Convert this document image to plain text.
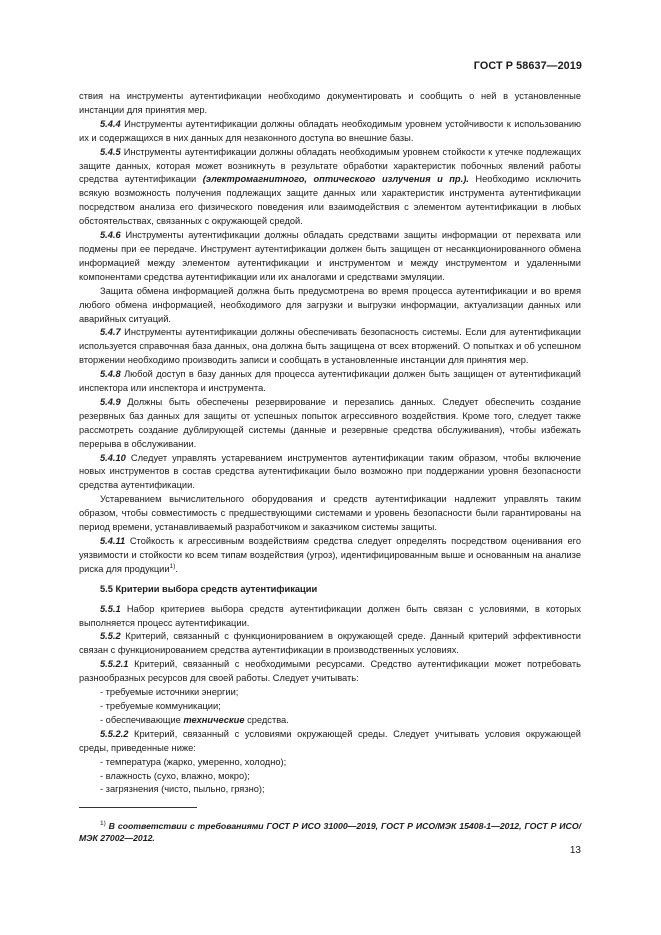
ГОСТ Р 58637—2019

ствия на инструменты аутентификации необходимо документировать и сообщить о ней в установленные инстанции для принятия мер.

5.4.4 Инструменты аутентификации должны обладать необходимым уровнем устойчивости к использованию их и содержащихся в них данных для незаконного доступа во внешние базы.

5.4.5 Инструменты аутентификации должны обладать необходимым уровнем стойкости к утечке подлежащих защите данных, которая может возникнуть в результате обработки характеристик побочных явлений работы средства аутентификации (электромагнитного, оптического излучения и пр.). Необходимо исключить всякую возможность получения подлежащих защите данных или характеристик инструмента аутентификации посредством анализа его физического поведения или взаимодействия с элементом аутентификации в любых обстоятельствах, связанных с окружающей средой.

5.4.6 Инструменты аутентификации должны обладать средствами защиты информации от перехвата или подмены при ее передаче. Инструмент аутентификации должен быть защищен от несанкционированного обмена информацией между элементом аутентификации и инструментом и между инструментом и удаленными компонентами средства аутентификации или их аналогами и средствами эмуляции.

Защита обмена информацией должна быть предусмотрена во время процесса аутентификации и во время любого обмена информацией, необходимого для загрузки и выгрузки информации, актуализации данных или аварийных ситуаций.

5.4.7 Инструменты аутентификации должны обеспечивать безопасность системы. Если для аутентификации используется справочная база данных, она должна быть защищена от всех вторжений. О попытках и об успешном вторжении необходимо производить записи и сообщать в установленные инстанции для принятия мер.

5.4.8 Любой доступ в базу данных для процесса аутентификации должен быть защищен от аутентификаций инспектора или инспектора и инструмента.

5.4.9 Должны быть обеспечены резервирование и перезапись данных. Следует обеспечить создание резервных баз данных для защиты от успешных попыток агрессивного воздействия. Кроме того, следует также рассмотреть создание дублирующей системы (данные и резервные средства обслуживания), чтобы избежать перерыва в обслуживании.

5.4.10 Следует управлять устареванием инструментов аутентификации таким образом, чтобы включение новых инструментов в состав средства аутентификации было возможно при поддержании уровня безопасности средства аутентификации.

Устареванием вычислительного оборудования и средств аутентификации надлежит управлять таким образом, чтобы совместимость с предшествующими системами и уровень безопасности были гарантированы на период времени, устанавливаемый разработчиком и заказчиком системы защиты.

5.4.11 Стойкость к агрессивным воздействиям средства следует определять посредством оценивания его уязвимости и стойкости ко всем типам воздействия (угроз), идентифицированным выше и основанным на анализе риска для продукции$^{1)}$.

5.5 Критерии выбора средств аутентификации

5.5.1 Набор критериев выбора средств аутентификации должен быть связан с условиями, в которых выполняется процесс аутентификации.

5.5.2 Критерий, связанный с функционированием в окружающей среде. Данный критерий эффективности связан с функционированием средства аутентификации в производственных условиях.

5.5.2.1 Критерий, связанный с необходимыми ресурсами. Средство аутентификации может потребовать разнообразных ресурсов для своей работы. Следует учитывать:

- требуемые источники энергии;

- требуемые коммуникации;

- обеспечивающие технические средства.

5.5.2.2 Критерий, связанный с условиями окружающей среды. Следует учитывать условия окружающей среды, приведенные ниже:

- температура (жарко, умеренно, холодно);

- влажность (сухо, влажно, мокро);

- загрязнения (чисто, пыльно, грязно);

$^{1)}$ В соответствии с требованиями ГОСТ Р ИСО 31000—2019, ГОСТ Р ИСО/МЭК 15408-1—2012, ГОСТ Р ИСО/МЭК 27002—2012.

13
